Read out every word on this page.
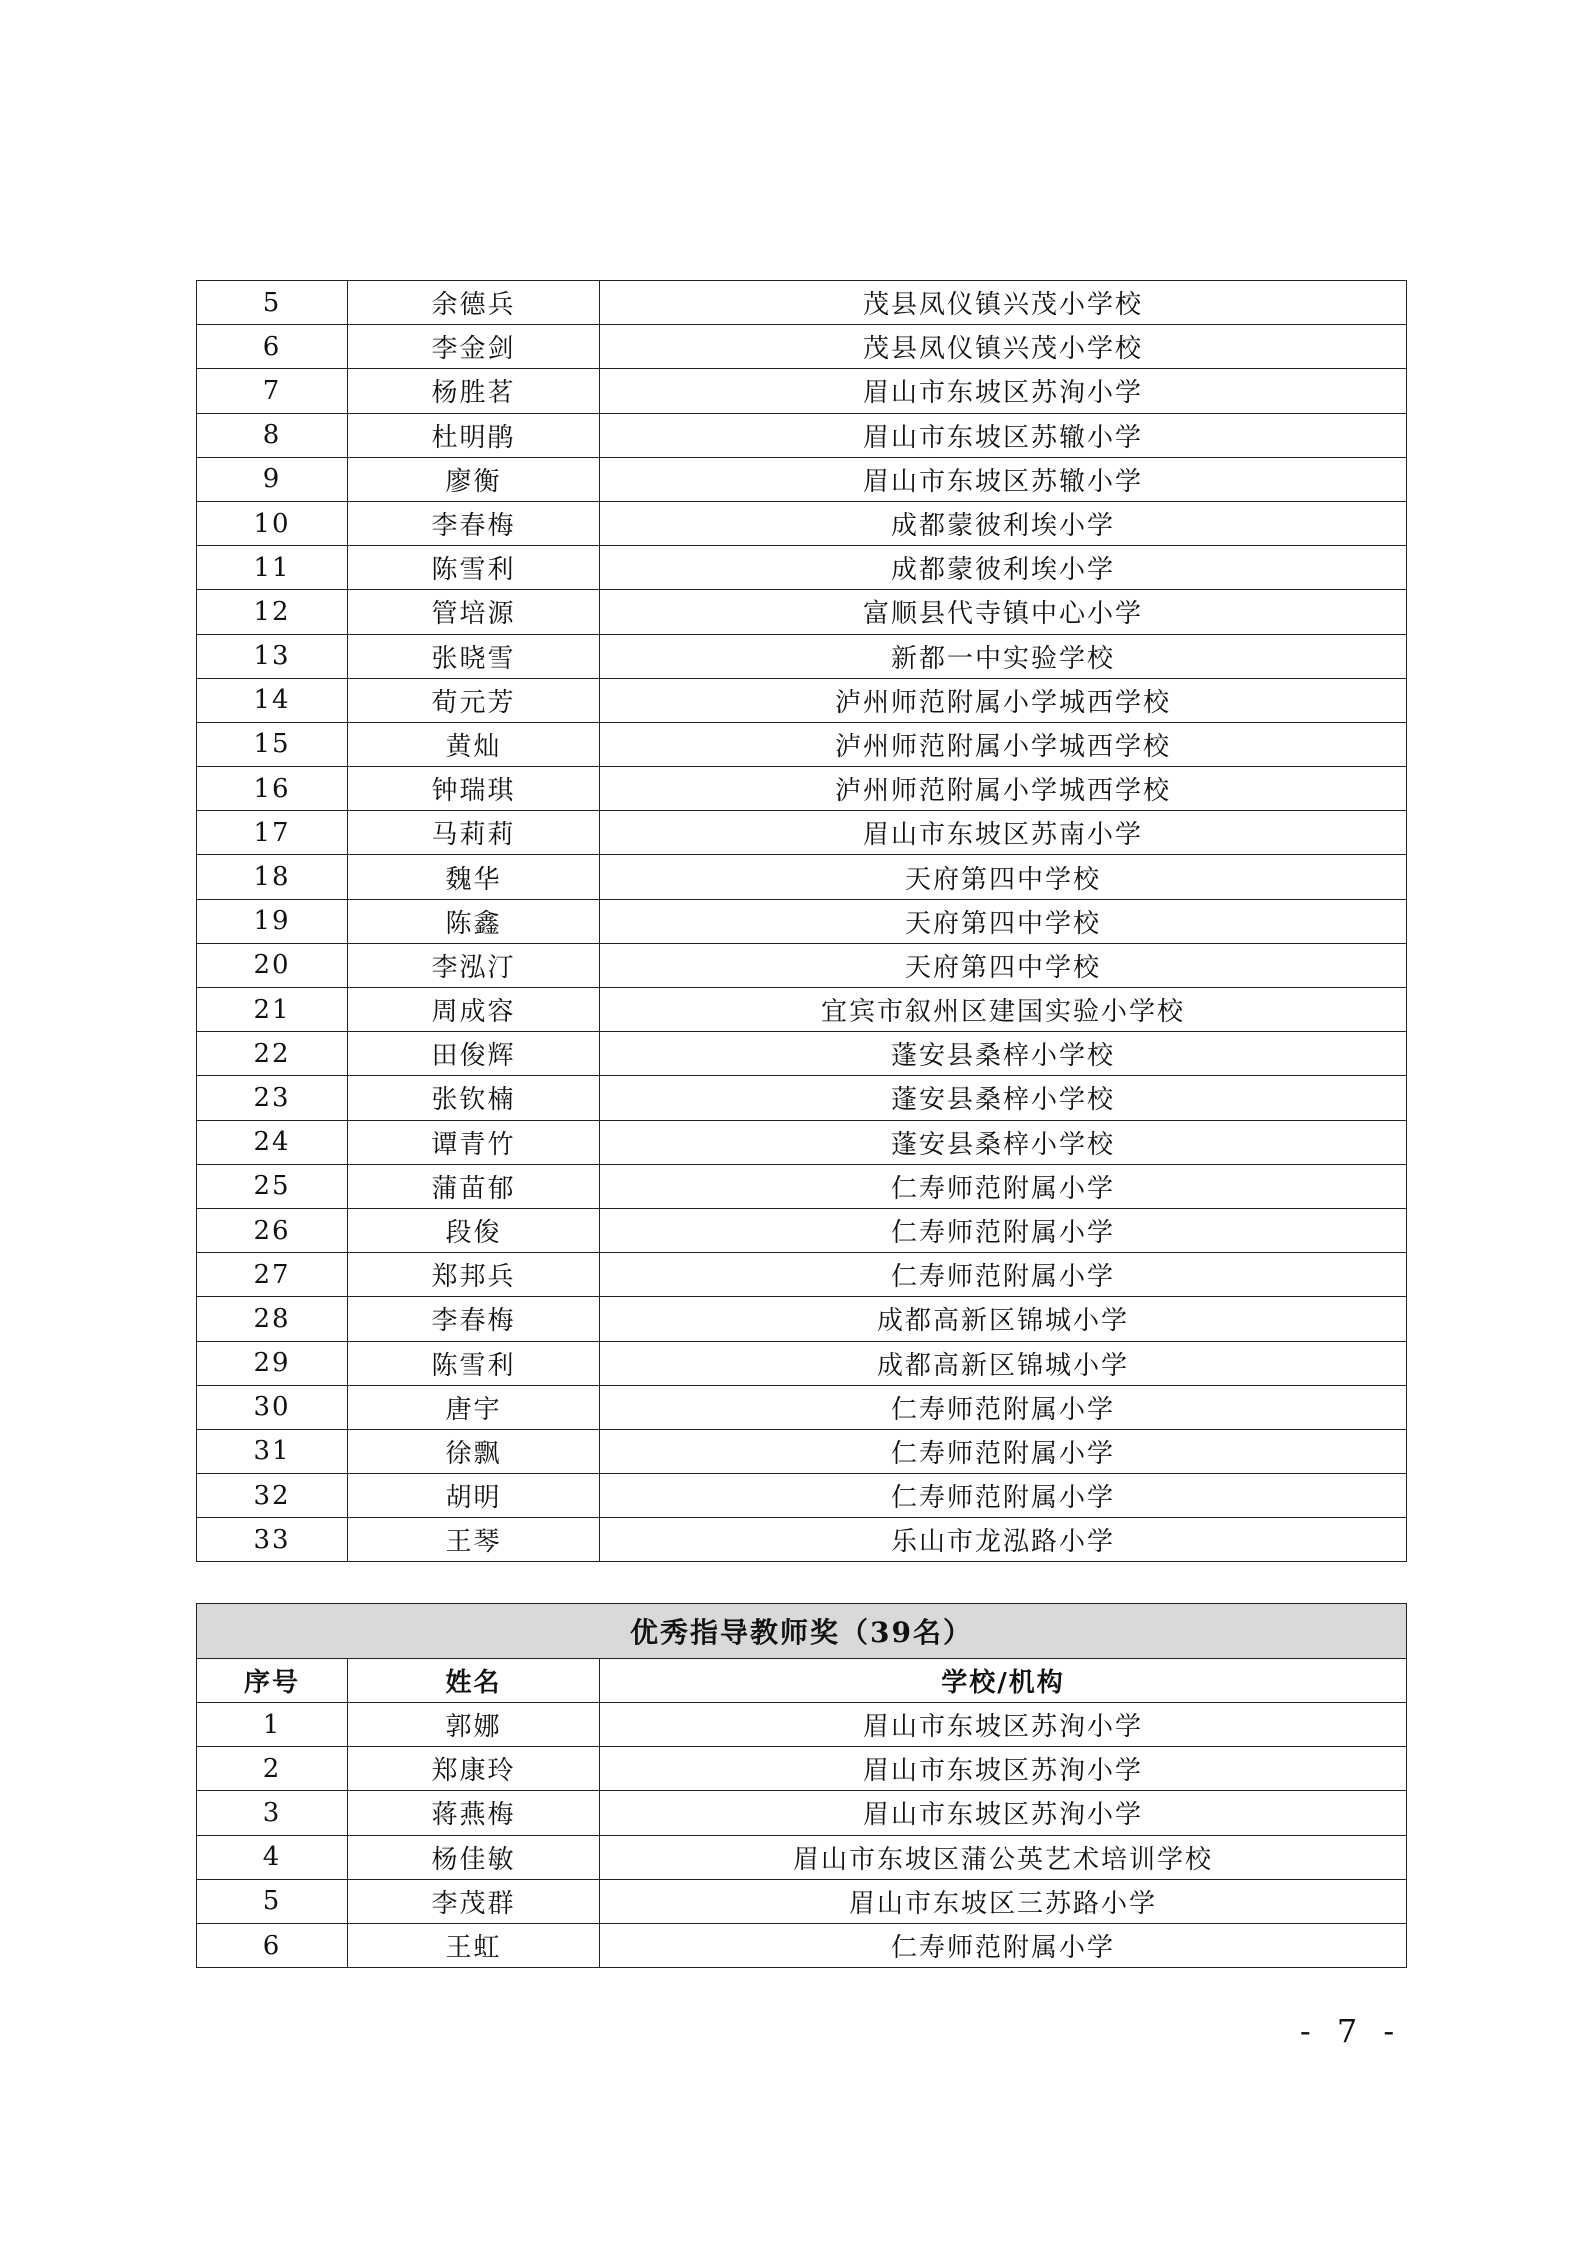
5	余德兵	茂县凤仪镇兴茂小学校
6	李金剑	茂县凤仪镇兴茂小学校
7	杨胜茗	眉山市东坡区苏洵小学
8	杜明鹃	眉山市东坡区苏辙小学
9	廖衡	眉山市东坡区苏辙小学
10	李春梅	成都蒙彼利埃小学
11	陈雪利	成都蒙彼利埃小学
12	管培源	富顺县代寺镇中心小学
13	张晓雪	新都一中实验学校
14	荀元芳	泸州师范附属小学城西学校
15	黄灿	泸州师范附属小学城西学校
16	钟瑞琪	泸州师范附属小学城西学校
17	马莉莉	眉山市东坡区苏南小学
18	魏华	天府第四中学校
19	陈鑫	天府第四中学校
20	李泓汀	天府第四中学校
21	周成容	宜宾市叙州区建国实验小学校
22	田俊辉	蓬安县桑梓小学校
23	张钦楠	蓬安县桑梓小学校
24	谭青竹	蓬安县桑梓小学校
25	蒲苗郁	仁寿师范附属小学
26	段俊	仁寿师范附属小学
27	郑邦兵	仁寿师范附属小学
28	李春梅	成都高新区锦城小学
29	陈雪利	成都高新区锦城小学
30	唐宇	仁寿师范附属小学
31	徐飘	仁寿师范附属小学
32	胡明	仁寿师范附属小学
33	王琴	乐山市龙泓路小学
优秀指导教师奖（39名）		
序号	姓名	学校/机构
1	郭娜	眉山市东坡区苏洵小学
2	郑康玲	眉山市东坡区苏洵小学
3	蒋燕梅	眉山市东坡区苏洵小学
4	杨佳敏	眉山市东坡区蒲公英艺术培训学校
5	李茂群	眉山市东坡区三苏路小学
6	王虹	仁寿师范附属小学
- 7 -
